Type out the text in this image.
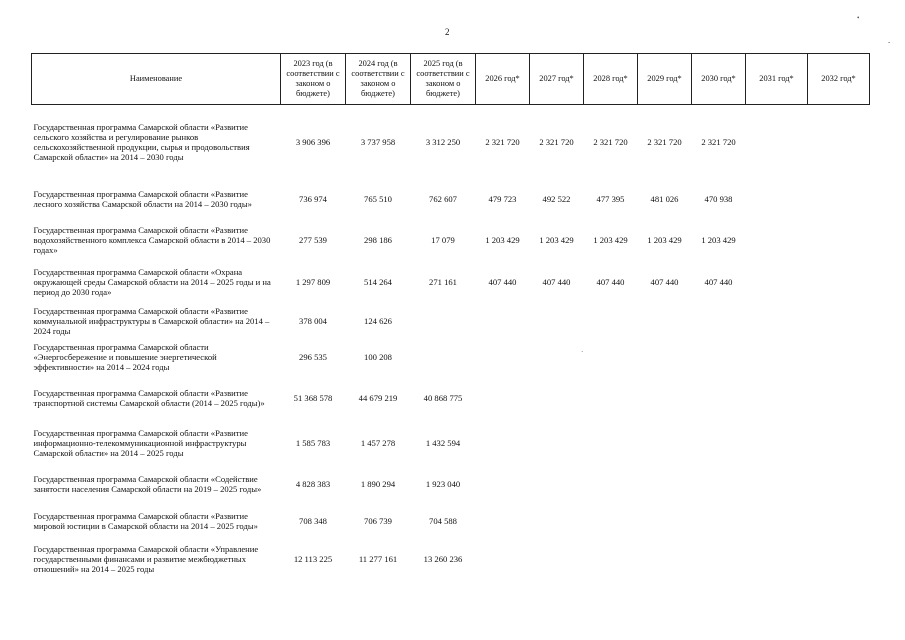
2
Наименование	2023 год (в соответствии с законом о бюджете)	2024 год (в соответствии с законом о бюджете)	2025 год (в соответствии с законом о бюджете)	2026 год*	2027 год*	2028 год*	2029 год*	2030 год*	2031 год*	2032 год*
Государственная программа Самарской области «Развитие сельского хозяйства и регулирование рынков сельскохозяйственной продукции, сырья и продовольствия Самарской области» на 2014 – 2030 годы	3 906 396	3 737 958	3 312 250	2 321 720	2 321 720	2 321 720	2 321 720	2 321 720		
Государственная программа Самарской области «Развитие лесного хозяйства Самарской области на 2014 – 2030 годы»	736 974	765 510	762 607	479 723	492 522	477 395	481 026	470 938		
Государственная программа Самарской области «Развитие водохозяйственного комплекса Самарской области в 2014 – 2030 годах»	277 539	298 186	17 079	1 203 429	1 203 429	1 203 429	1 203 429	1 203 429		
Государственная программа Самарской области «Охрана окружающей среды Самарской области на 2014 – 2025 годы и на период до 2030 года»	1 297 809	514 264	271 161	407 440	407 440	407 440	407 440	407 440		
Государственная программа Самарской области «Развитие коммунальной инфраструктуры в Самарской области» на 2014 – 2024 годы	378 004	124 626								
Государственная программа Самарской области «Энергосбережение и повышение энергетической эффективности» на 2014 – 2024 годы	296 535	100 208								
Государственная программа Самарской области «Развитие транспортной системы Самарской области (2014 – 2025 годы)»	51 368 578	44 679 219	40 868 775							
Государственная программа Самарской области «Развитие информационно-телекоммуникационной инфраструктуры Самарской области» на 2014 – 2025 годы	1 585 783	1 457 278	1 432 594							
Государственная программа Самарской области «Содействие занятости населения Самарской области на 2019 – 2025 годы»	4 828 383	1 890 294	1 923 040							
Государственная программа Самарской области «Развитие мировой юстиции в Самарской области на 2014 – 2025 годы»	708 348	706 739	704 588							
Государственная программа Самарской области «Управление государственными финансами и развитие межбюджетных отношений» на 2014 – 2025 годы	12 113 225	11 277 161	13 260 236							
•
-
·
